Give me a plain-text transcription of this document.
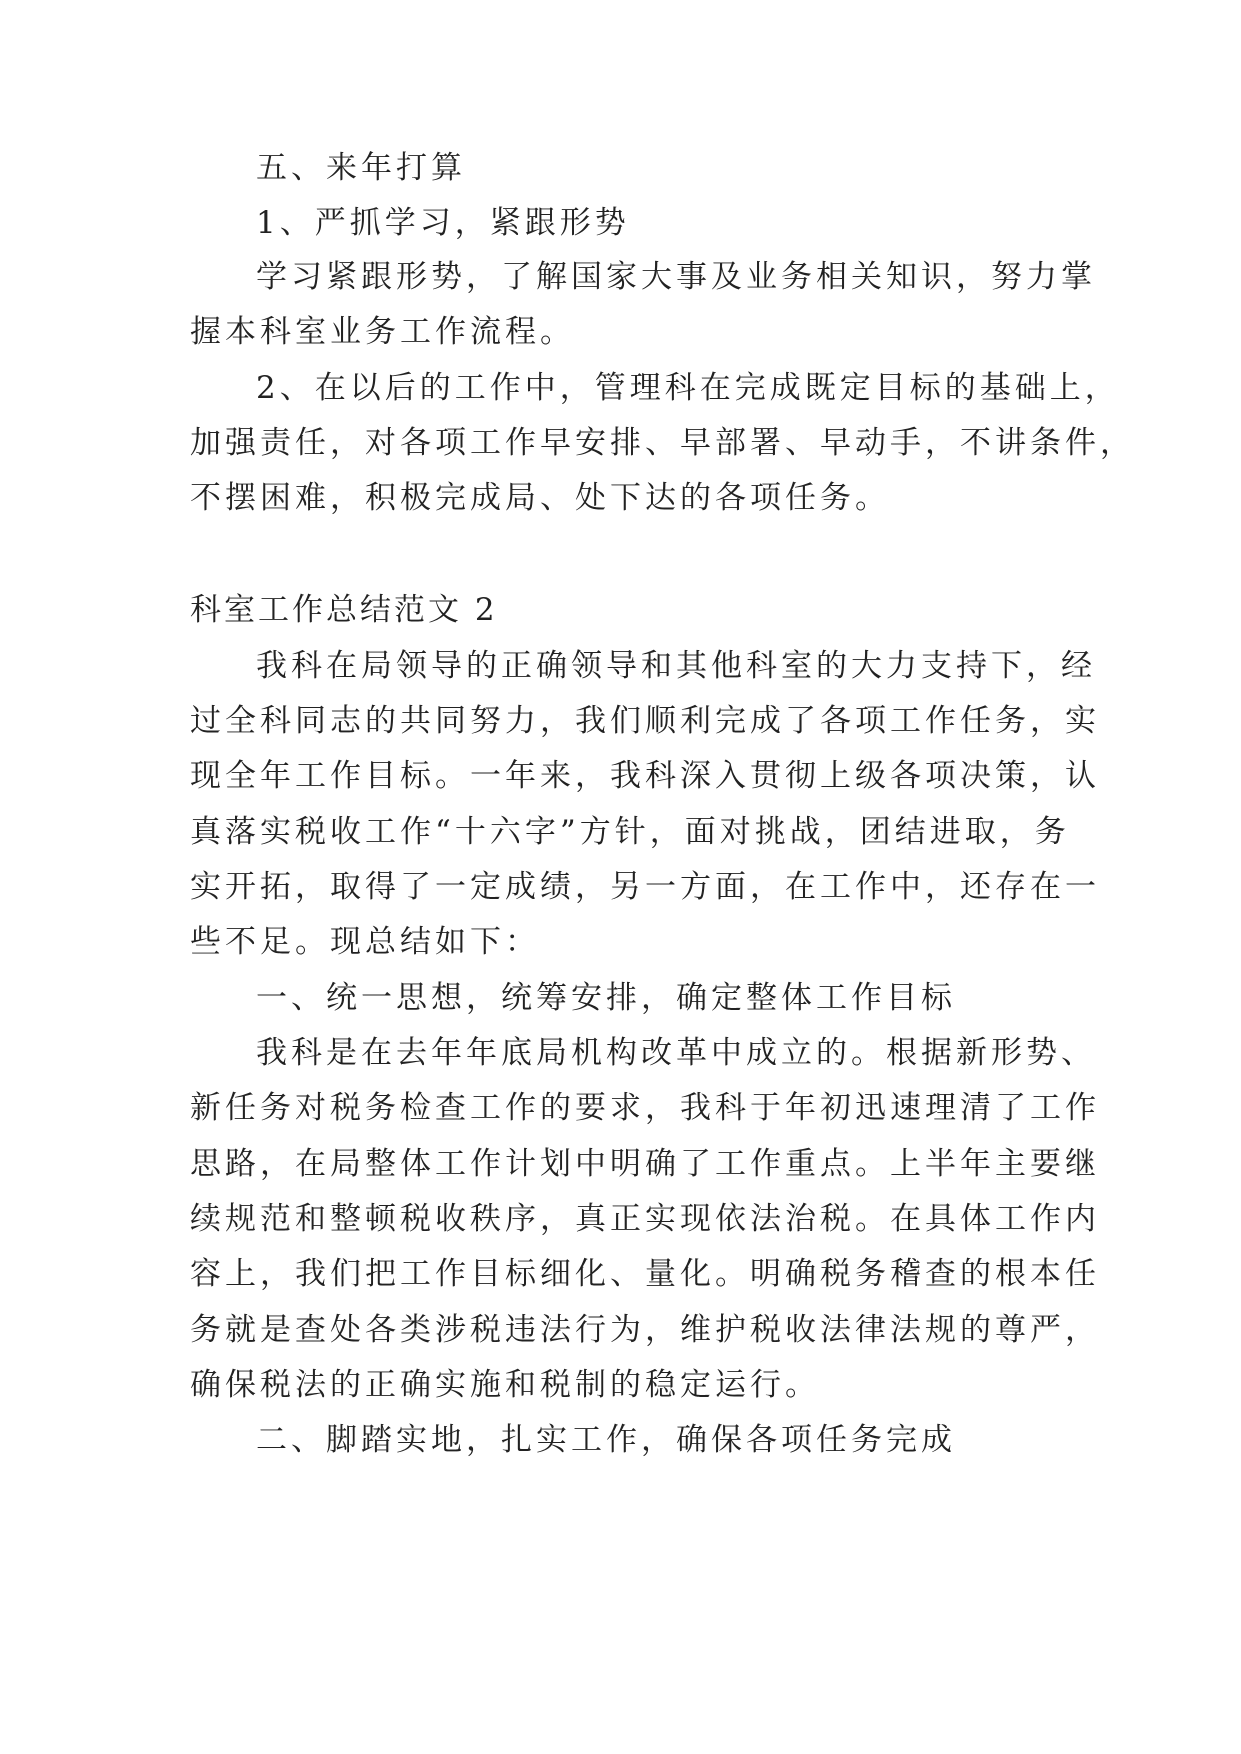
五、来年打算
1、严抓学习，紧跟形势
学习紧跟形势，了解国家大事及业务相关知识，努力掌
握本科室业务工作流程。
2、在以后的工作中，管理科在完成既定目标的基础上，
加强责任，对各项工作早安排、早部署、早动手，不讲条件，
不摆困难，积极完成局、处下达的各项任务。
科室工作总结范文 2
我科在局领导的正确领导和其他科室的大力支持下，经
过全科同志的共同努力，我们顺利完成了各项工作任务，实
现全年工作目标。一年来，我科深入贯彻上级各项决策，认
真落实税收工作“十六字”方针，面对挑战，团结进取，务
实开拓，取得了一定成绩，另一方面，在工作中，还存在一
些不足。现总结如下：
一、统一思想，统筹安排，确定整体工作目标
我科是在去年年底局机构改革中成立的。根据新形势、
新任务对税务检查工作的要求，我科于年初迅速理清了工作
思路，在局整体工作计划中明确了工作重点。上半年主要继
续规范和整顿税收秩序，真正实现依法治税。在具体工作内
容上，我们把工作目标细化、量化。明确税务稽查的根本任
务就是查处各类涉税违法行为，维护税收法律法规的尊严，
确保税法的正确实施和税制的稳定运行。
二、脚踏实地，扎实工作，确保各项任务完成
